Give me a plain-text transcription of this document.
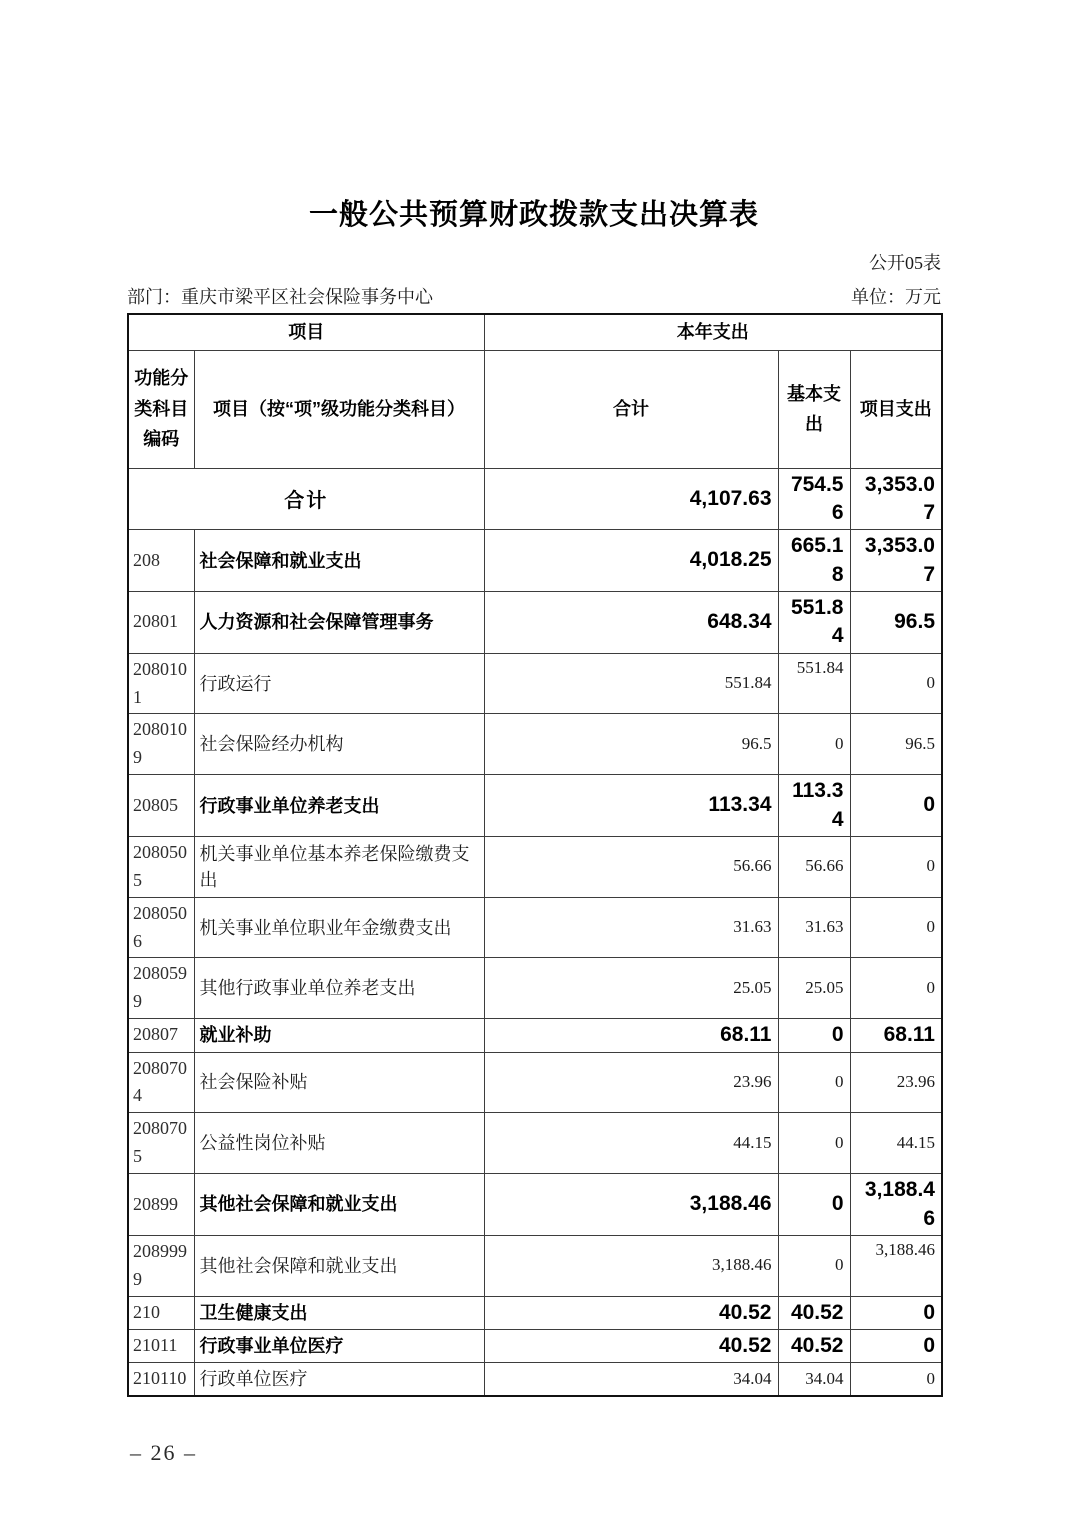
一般公共预算财政拨款支出决算表
公开05表
部门：重庆市梁平区社会保险事务中心	单位：万元
项目		本年支出		
功能分类科目编码	项目（按“项”级功能分类科目）	合计	基本支出	项目支出
合计		4,107.63	754.56	3,353.07
208	社会保障和就业支出	4,018.25	665.18	3,353.07
20801	人力资源和社会保障管理事务	648.34	551.84	96.5
2080101	行政运行	551.84	551.84	0
2080109	社会保险经办机构	96.5	0	96.5
20805	行政事业单位养老支出	113.34	113.34	0
2080505	机关事业单位基本养老保险缴费支出	56.66	56.66	0
2080506	机关事业单位职业年金缴费支出	31.63	31.63	0
2080599	其他行政事业单位养老支出	25.05	25.05	0
20807	就业补助	68.11	0	68.11
2080704	社会保险补贴	23.96	0	23.96
2080705	公益性岗位补贴	44.15	0	44.15
20899	其他社会保障和就业支出	3,188.46	0	3,188.46
2089999	其他社会保障和就业支出	3,188.46	0	3,188.46
210	卫生健康支出	40.52	40.52	0
21011	行政事业单位医疗	40.52	40.52	0
210110	行政单位医疗	34.04	34.04	0
– 26 –
